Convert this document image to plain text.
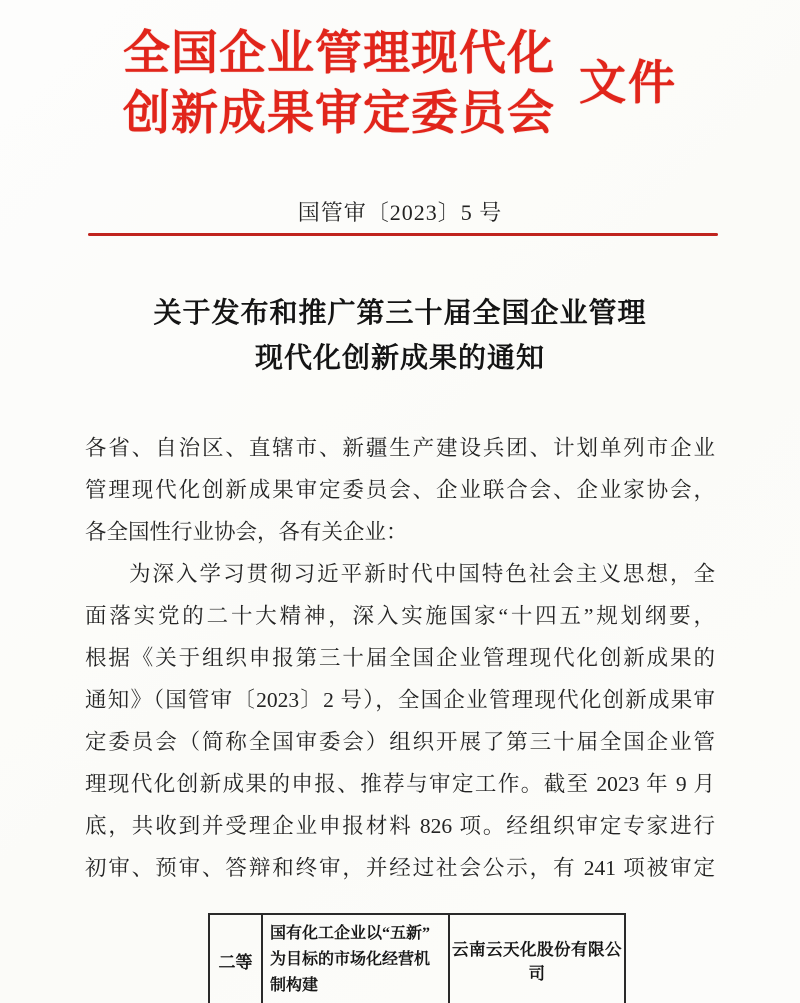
全国企业管理现代化
创新成果审定委员会
文件
国管审〔2023〕5 号
关于发布和推广第三十届全国企业管理
现代化创新成果的通知
各省、自治区、直辖市、新疆生产建设兵团、计划单列市企业
管理现代化创新成果审定委员会、企业联合会、企业家协会，
各全国性行业协会，各有关企业：
为深入学习贯彻习近平新时代中国特色社会主义思想，全
面落实党的二十大精神，深入实施国家“十四五”规划纲要，
根据《关于组织申报第三十届全国企业管理现代化创新成果的
通知》（国管审〔2023〕2 号），全国企业管理现代化创新成果审
定委员会（简称全国审委会）组织开展了第三十届全国企业管
理现代化创新成果的申报、推荐与审定工作。截至 2023 年 9 月
底，共收到并受理企业申报材料 826 项。经组织审定专家进行
初审、预审、答辩和终审，并经过社会公示，有 241 项被审定
二等	国有化工企业以“五新”为目标的市场化经营机制构建	云南云天化股份有限公司
